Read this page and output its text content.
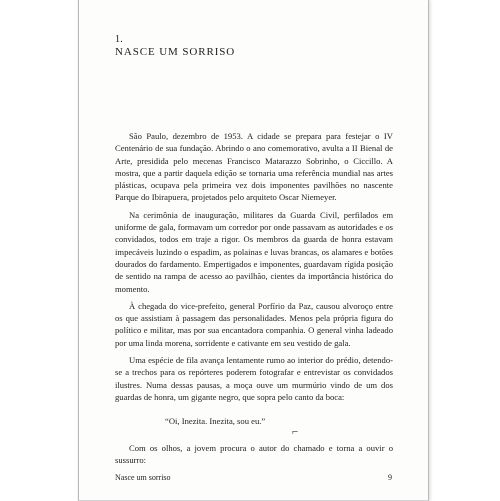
1.
NASCE UM SORRISO

São Paulo, dezembro de 1953. A cidade se prepara para festejar o IV Centenário de sua fundação. Abrindo o ano comemorativo, avulta a II Bienal de Arte, presidida pelo mecenas Francisco Matarazzo Sobrinho, o Ciccillo. A mostra, que a partir daquela edição se tornaria uma referência mundial nas artes plásticas, ocupava pela primeira vez dois imponentes pavilhões no nascente Parque do Ibirapuera, projetados pelo arquiteto Oscar Niemeyer.

Na cerimônia de inauguração, militares da Guarda Civil, perfilados em uniforme de gala, formavam um corredor por onde passavam as autoridades e os convidados, todos em traje a rigor. Os membros da guarda de honra estavam impecáveis luzindo o espadim, as polainas e luvas brancas, os alamares e botões dourados do fardamento. Empertigados e imponentes, guardavam rígida posição de sentido na rampa de acesso ao pavilhão, cientes da importância histórica do momento.

À chegada do vice-prefeito, general Porfírio da Paz, causou alvoroço entre os que assistiam à passagem das personalidades. Menos pela própria figura do político e militar, mas por sua encantadora companhia. O general vinha ladeado por uma linda morena, sorridente e cativante em seu vestido de gala.

Uma espécie de fila avança lentamente rumo ao interior do prédio, detendo-se a trechos para os repórteres poderem fotografar e entrevistar os convidados ilustres. Numa dessas pausas, a moça ouve um murmúrio vindo de um dos guardas de honra, um gigante negro, que sopra pelo canto da boca:

“Oi, Inezita. Inezita, sou eu.”

Com os olhos, a jovem procura o autor do chamado e torna a ouvir o sussurro:

⌐
Nasce um sorriso	9
